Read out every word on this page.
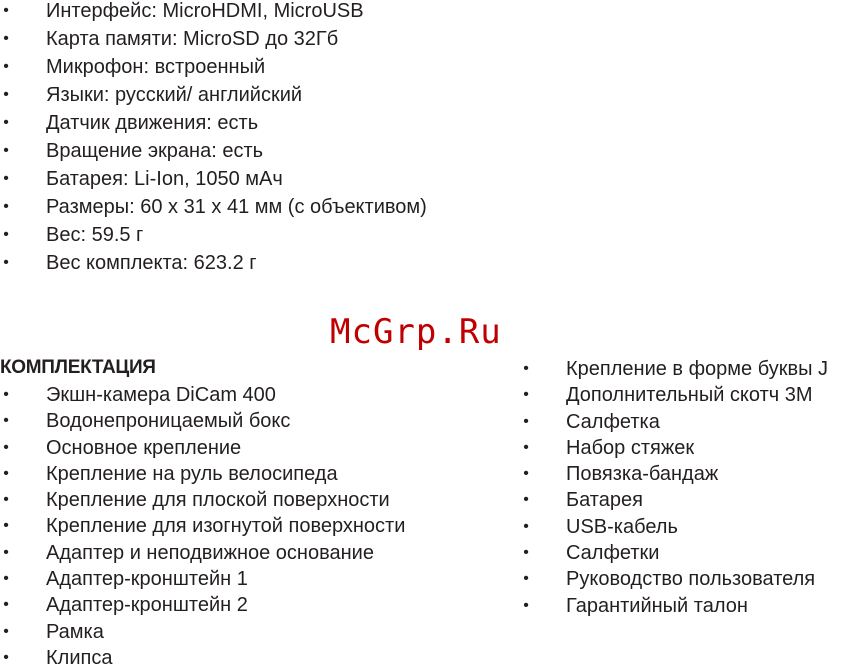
• Интерфейс: MicroHDMI, MicroUSB
• Карта памяти: MicroSD до 32Гб
• Микрофон: встроенный
• Языки: русский/ английский
• Датчик движения: есть
• Вращение экрана: есть
• Батарея: Li-Ion, 1050 мАч
• Размеры: 60 x 31 x 41 мм (с объективом)
• Вес: 59.5 г
• Вес комплекта: 623.2 г
McGrp.Ru
КОМПЛЕКТАЦИЯ
• Экшн-камера DiCam 400
• Водонепроницаемый бокс
• Основное крепление
• Крепление на руль велосипеда
• Крепление для плоской поверхности
• Крепление для изогнутой поверхности
• Адаптер и неподвижное основание
• Адаптер-кронштейн 1
• Адаптер-кронштейн 2
• Рамка
• Клипса
• Крепление в форме буквы J
• Дополнительный скотч 3M
• Салфетка
• Набор стяжек
• Повязка-бандаж
• Батарея
• USB-кабель
• Салфетки
• Руководство пользователя
• Гарантийный талон
